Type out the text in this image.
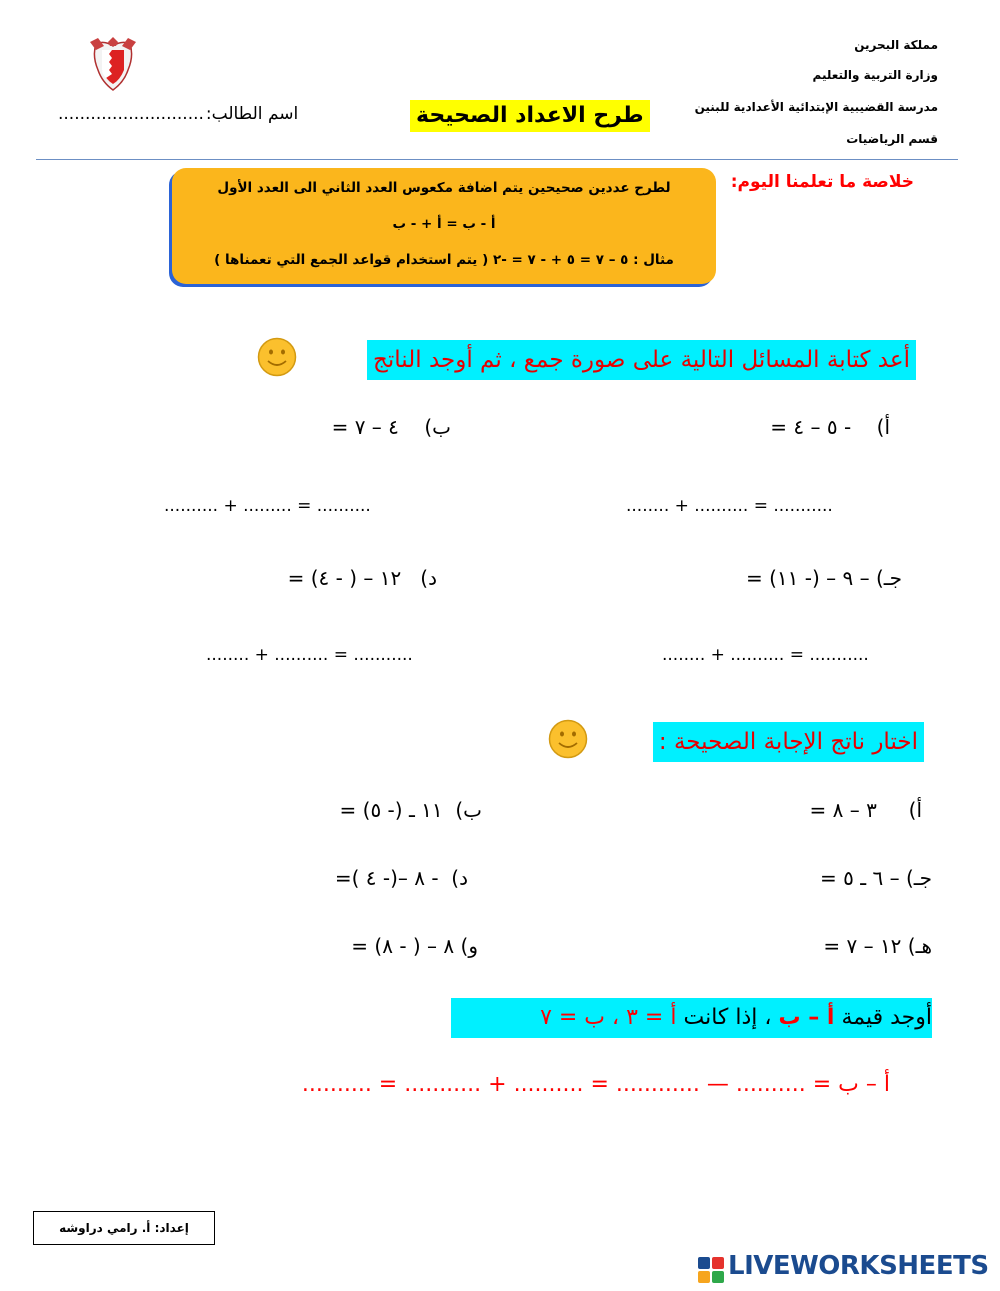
مملكة البحرين
وزارة التربية والتعليم
مدرسة القضيبية الإبتدائية الأعدادية للبنين
قسم الرياضيات
طرح الاعداد الصحيحة
........................... اسم الطالب:
خلاصة ما تعلمنا اليوم:
لطرح عددين صحيحين يتم اضافة مكعوس العدد الثاني الى العدد الأول
أ - ب = أ + - ب
مثال : ٥ – ٧ = ٥ + - ٧ = -٢ ( يتم استخدام قواعد الجمع التي تعمناها )
أعد كتابة المسائل التالية على صورة جمع ، ثم أوجد الناتج
أ)    - ٥ – ٤ =
ب)    ٤ – ٧ =
........ + .......... = ...........
.......... + ......... = ..........
جـ) – ٩ – (- ١١) =
د)   ١٢ – ( - ٤) =
........ + .......... = ...........
........ + .......... = ...........
اختار ناتج الإجابة الصحيحة :
أ)     ٣ – ٨ =
ب)  ١١ ـ (- ٥) =
جـ) – ٦ ـ ٥ =
د)  - ٨ –(- ٤ )=
هـ) ١٢ – ٧ =
و) ٨ – ( - ٨) =
أوجد قيمة أ – ب ، إذا كانت أ = ٣ ، ب = ٧
أ – ب = .......... — ............ = .......... + ........... = ..........
إعداد: أ. رامي دراوشه
LIVEWORKSHEETS
